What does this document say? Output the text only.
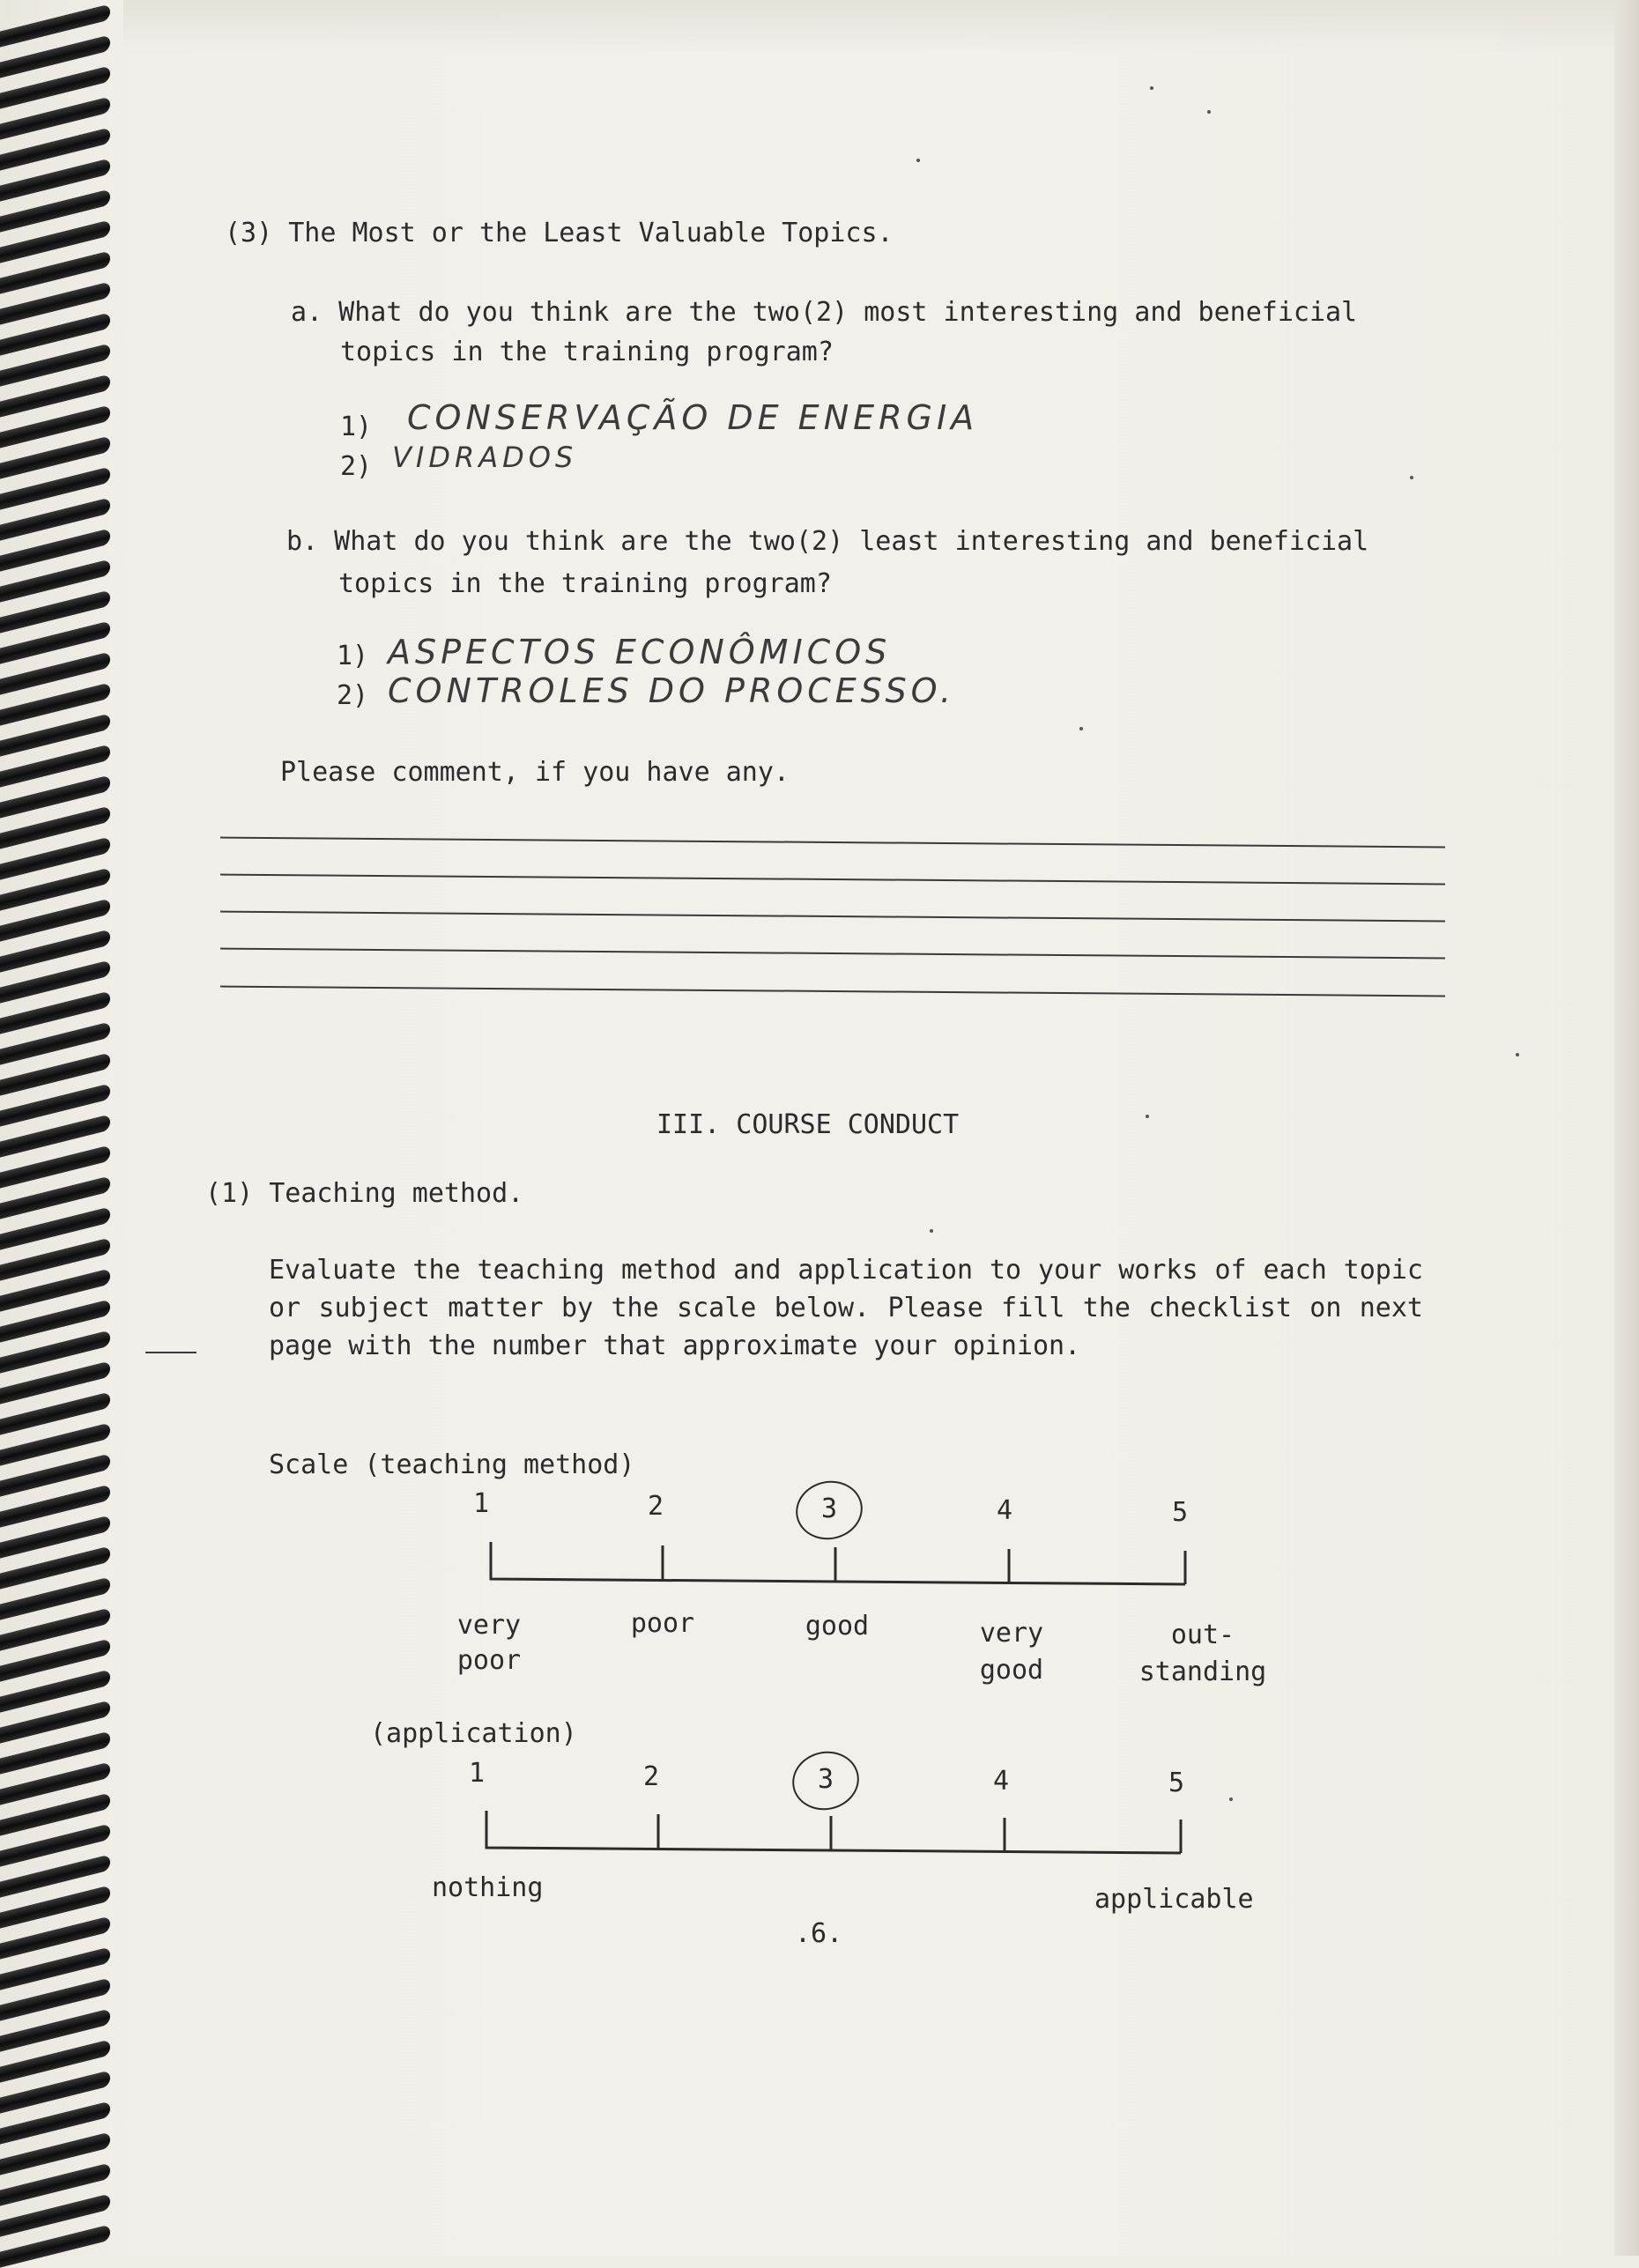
(3) The Most or the Least Valuable Topics.
a. What do you think are the two(2) most interesting and beneficial
topics in the training program?
1) CONSERVAÇÃO DE ENERGIA
2) VIDRADOS
b. What do you think are the two(2) least interesting and beneficial
topics in the training program?
1) ASPECTOS ECONÔMICOS
2) CONTROLES DO PROCESSO.
Please comment, if you have any.
III. COURSE CONDUCT
(1) Teaching method.
Evaluate the teaching method and application to your works of each topic or subject matter by the scale below. Please fill the checklist on next page with the number that approximate your opinion.
Scale (teaching method)
1	2	3	4	5
very
poor
poor	good	very
good
out-
standing
(application)
1	2	3	4	5
nothing	applicable
.6.
